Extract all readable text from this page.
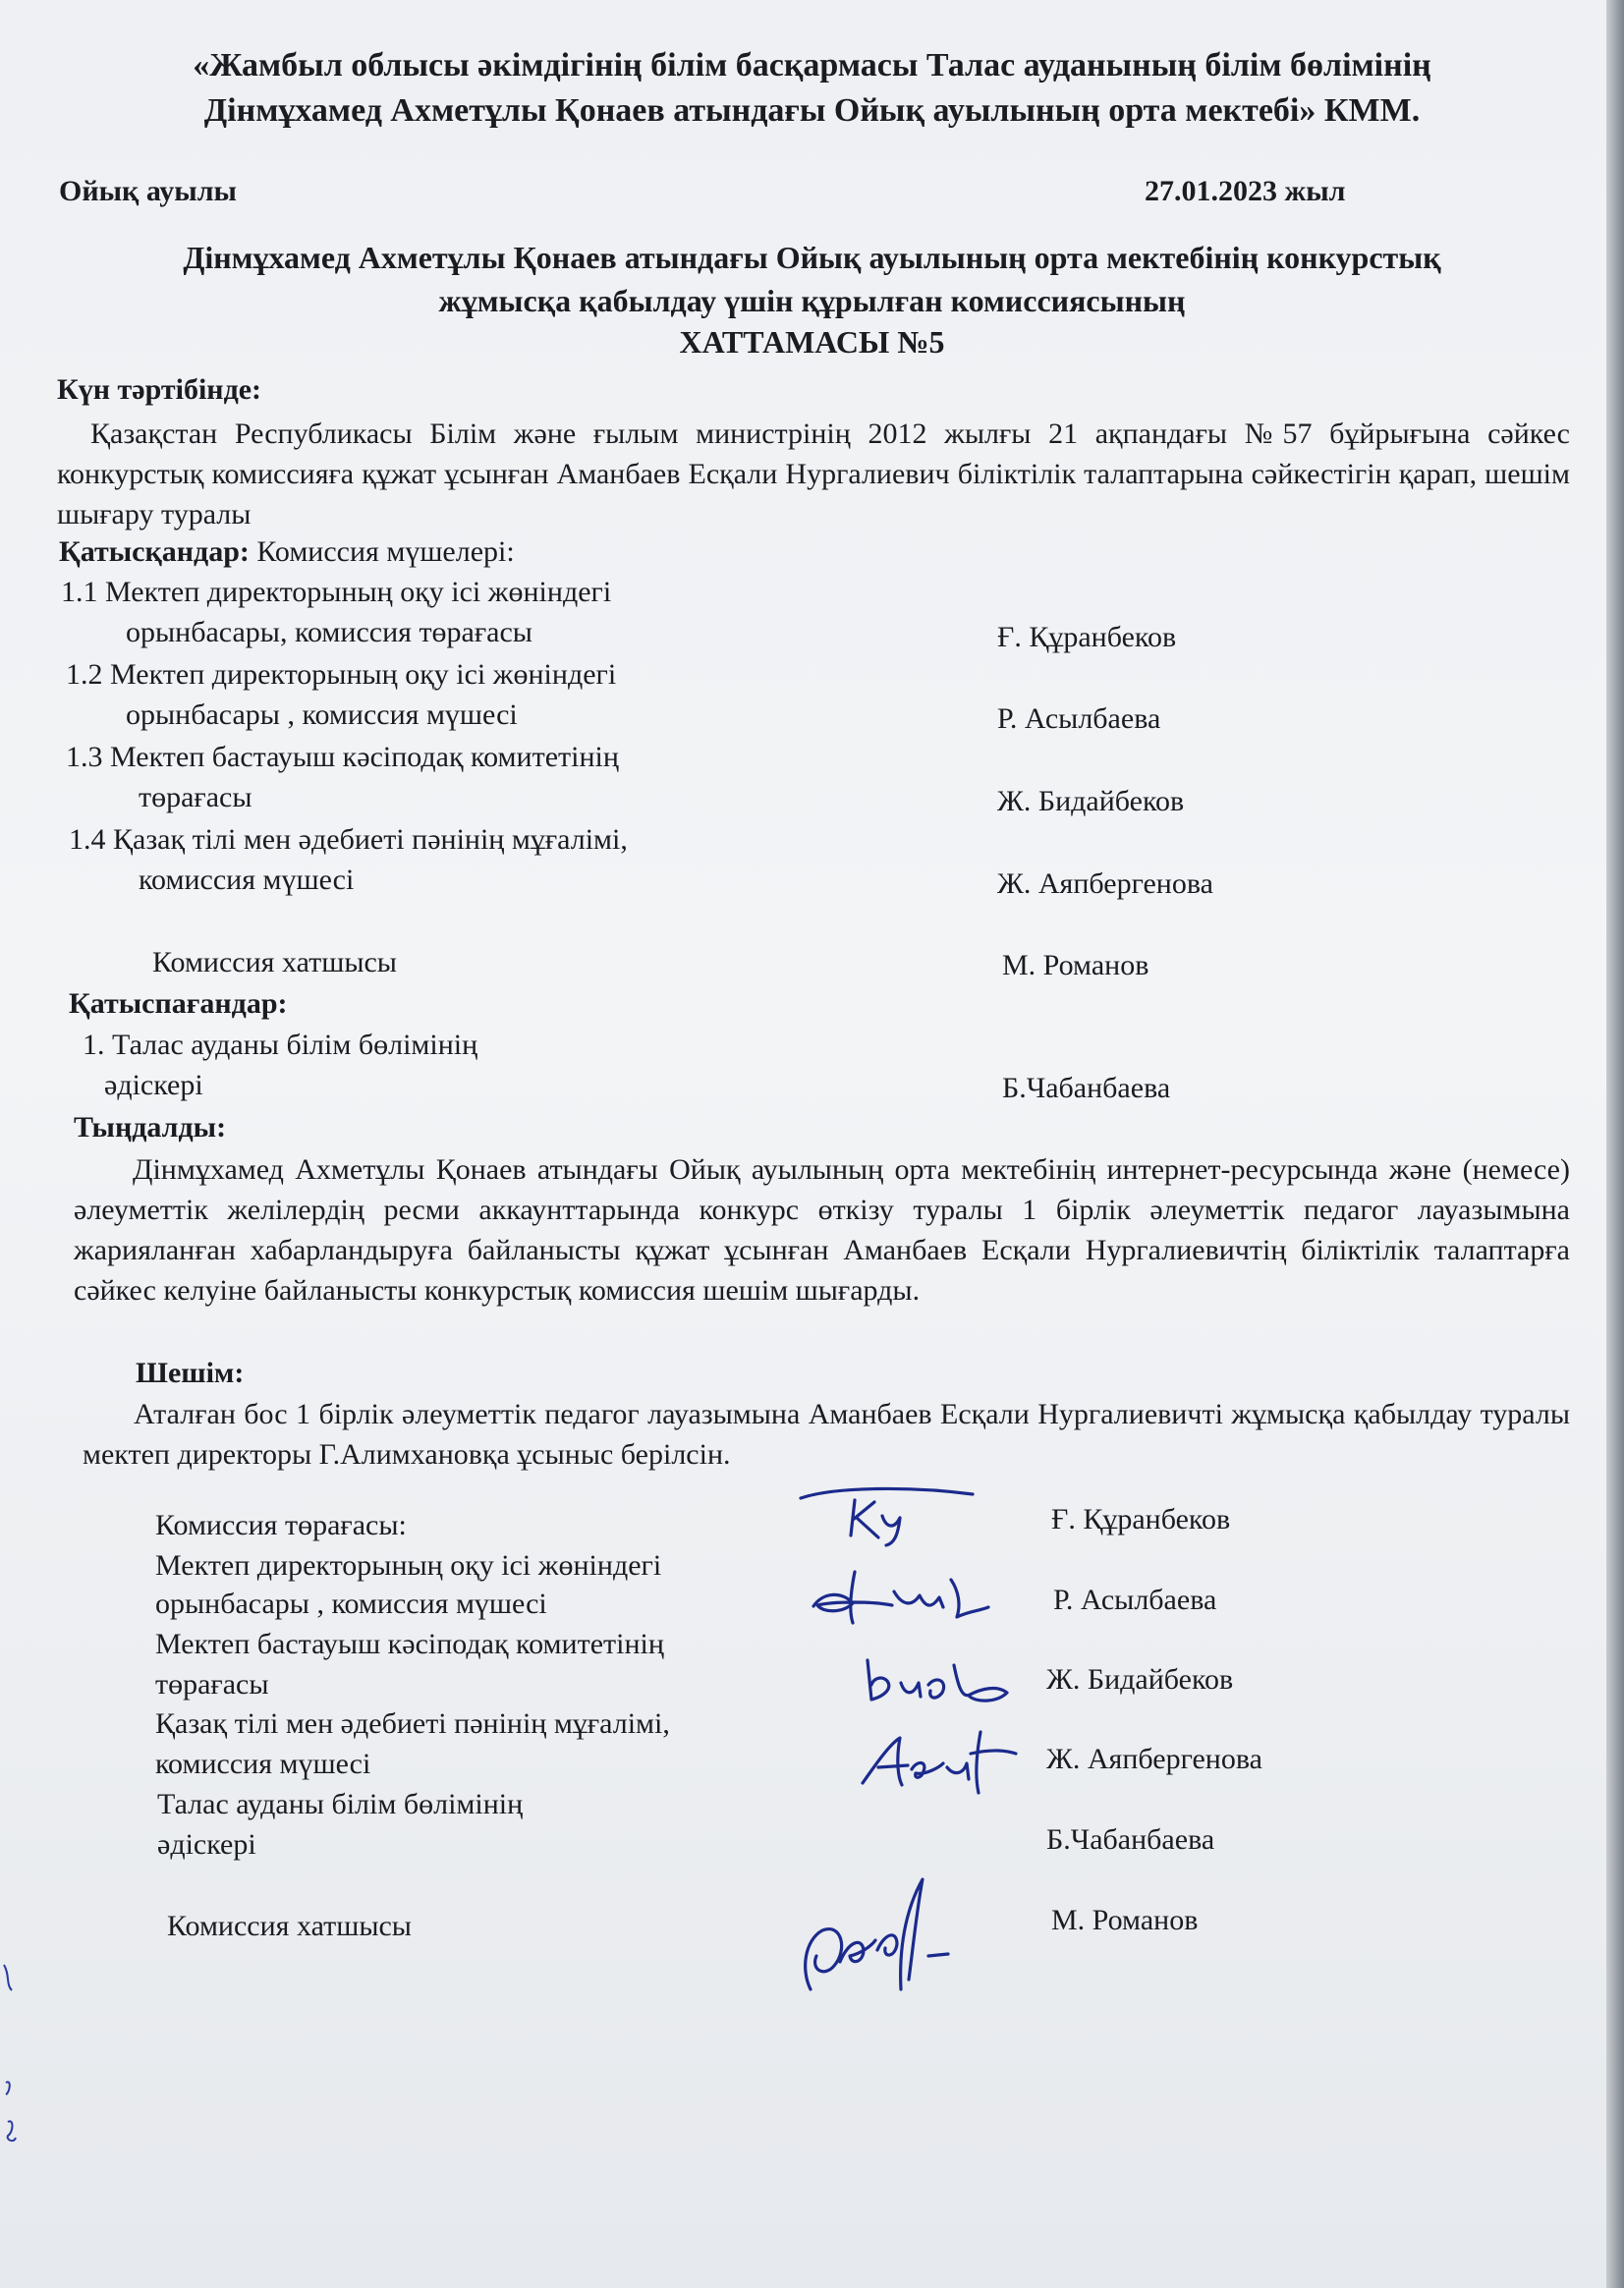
«Жамбыл облысы әкімдігінің білім басқармасы Талас ауданының білім бөлімінің
Дінмұхамед Ахметұлы Қонаев атындағы Ойық ауылының орта мектебі» КММ.
Ойық ауылы	27.01.2023 жыл
Дінмұхамед Ахметұлы Қонаев атындағы Ойық ауылының орта мектебінің конкурстық
жұмысқа қабылдау үшін құрылған комиссиясының
ХАТТАМАСЫ №5
Күн тәртібінде:
Қазақстан Республикасы Білім және ғылым министрінің 2012 жылғы 21 ақпандағы №57 бұйрығына сәйкес конкурстық комиссияға құжат ұсынған Аманбаев Есқали Нургалиевич біліктілік талаптарына сәйкестігін қарап, шешім шығару туралы
Қатысқандар: Комиссия мүшелері:
1.1 Мектеп директорының оқу ісі жөніндегі
орынбасары, комиссия төрағасы	Ғ. Құранбеков
1.2 Мектеп директорының оқу ісі жөніндегі
орынбасары , комиссия мүшесі	Р. Асылбаева
1.3 Мектеп бастауыш кәсіподақ комитетінің
төрағасы	Ж. Бидайбеков
1.4 Қазақ тілі мен әдебиеті пәнінің мұғалімі,
комиссия мүшесі	Ж. Аяпбергенова
Комиссия хатшысы	М. Романов
Қатыспағандар:
1. Талас ауданы білім бөлімінің
әдіскері	Б.Чабанбаева
Тыңдалды:
Дінмұхамед Ахметұлы Қонаев атындағы Ойық ауылының орта мектебінің интернет-ресурсында және (немесе) әлеуметтік желілердің ресми аккаунттарында конкурс өткізу туралы 1 бірлік әлеуметтік педагог лауазымына жарияланған хабарландыруға байланысты құжат ұсынған Аманбаев Есқали Нургалиевичтің біліктілік талаптарға сәйкес келуіне байланысты конкурстық комиссия шешім шығарды.
Шешім:
Аталған бос 1 бірлік әлеуметтік педагог лауазымына Аманбаев Есқали Нургалиевичті жұмысқа қабылдау туралы мектеп директоры Г.Алимхановқа ұсыныс берілсін.
Комиссия төрағасы:	Ғ. Құранбеков
Мектеп директорының оқу ісі жөніндегі
орынбасары , комиссия мүшесі	Р. Асылбаева
Мектеп бастауыш кәсіподақ комитетінің
төрағасы	Ж. Бидайбеков
Қазақ тілі мен әдебиеті пәнінің мұғалімі,
комиссия мүшесі	Ж. Аяпбергенова
Талас ауданы білім бөлімінің
әдіскері	Б.Чабанбаева
Комиссия хатшысы	М. Романов
